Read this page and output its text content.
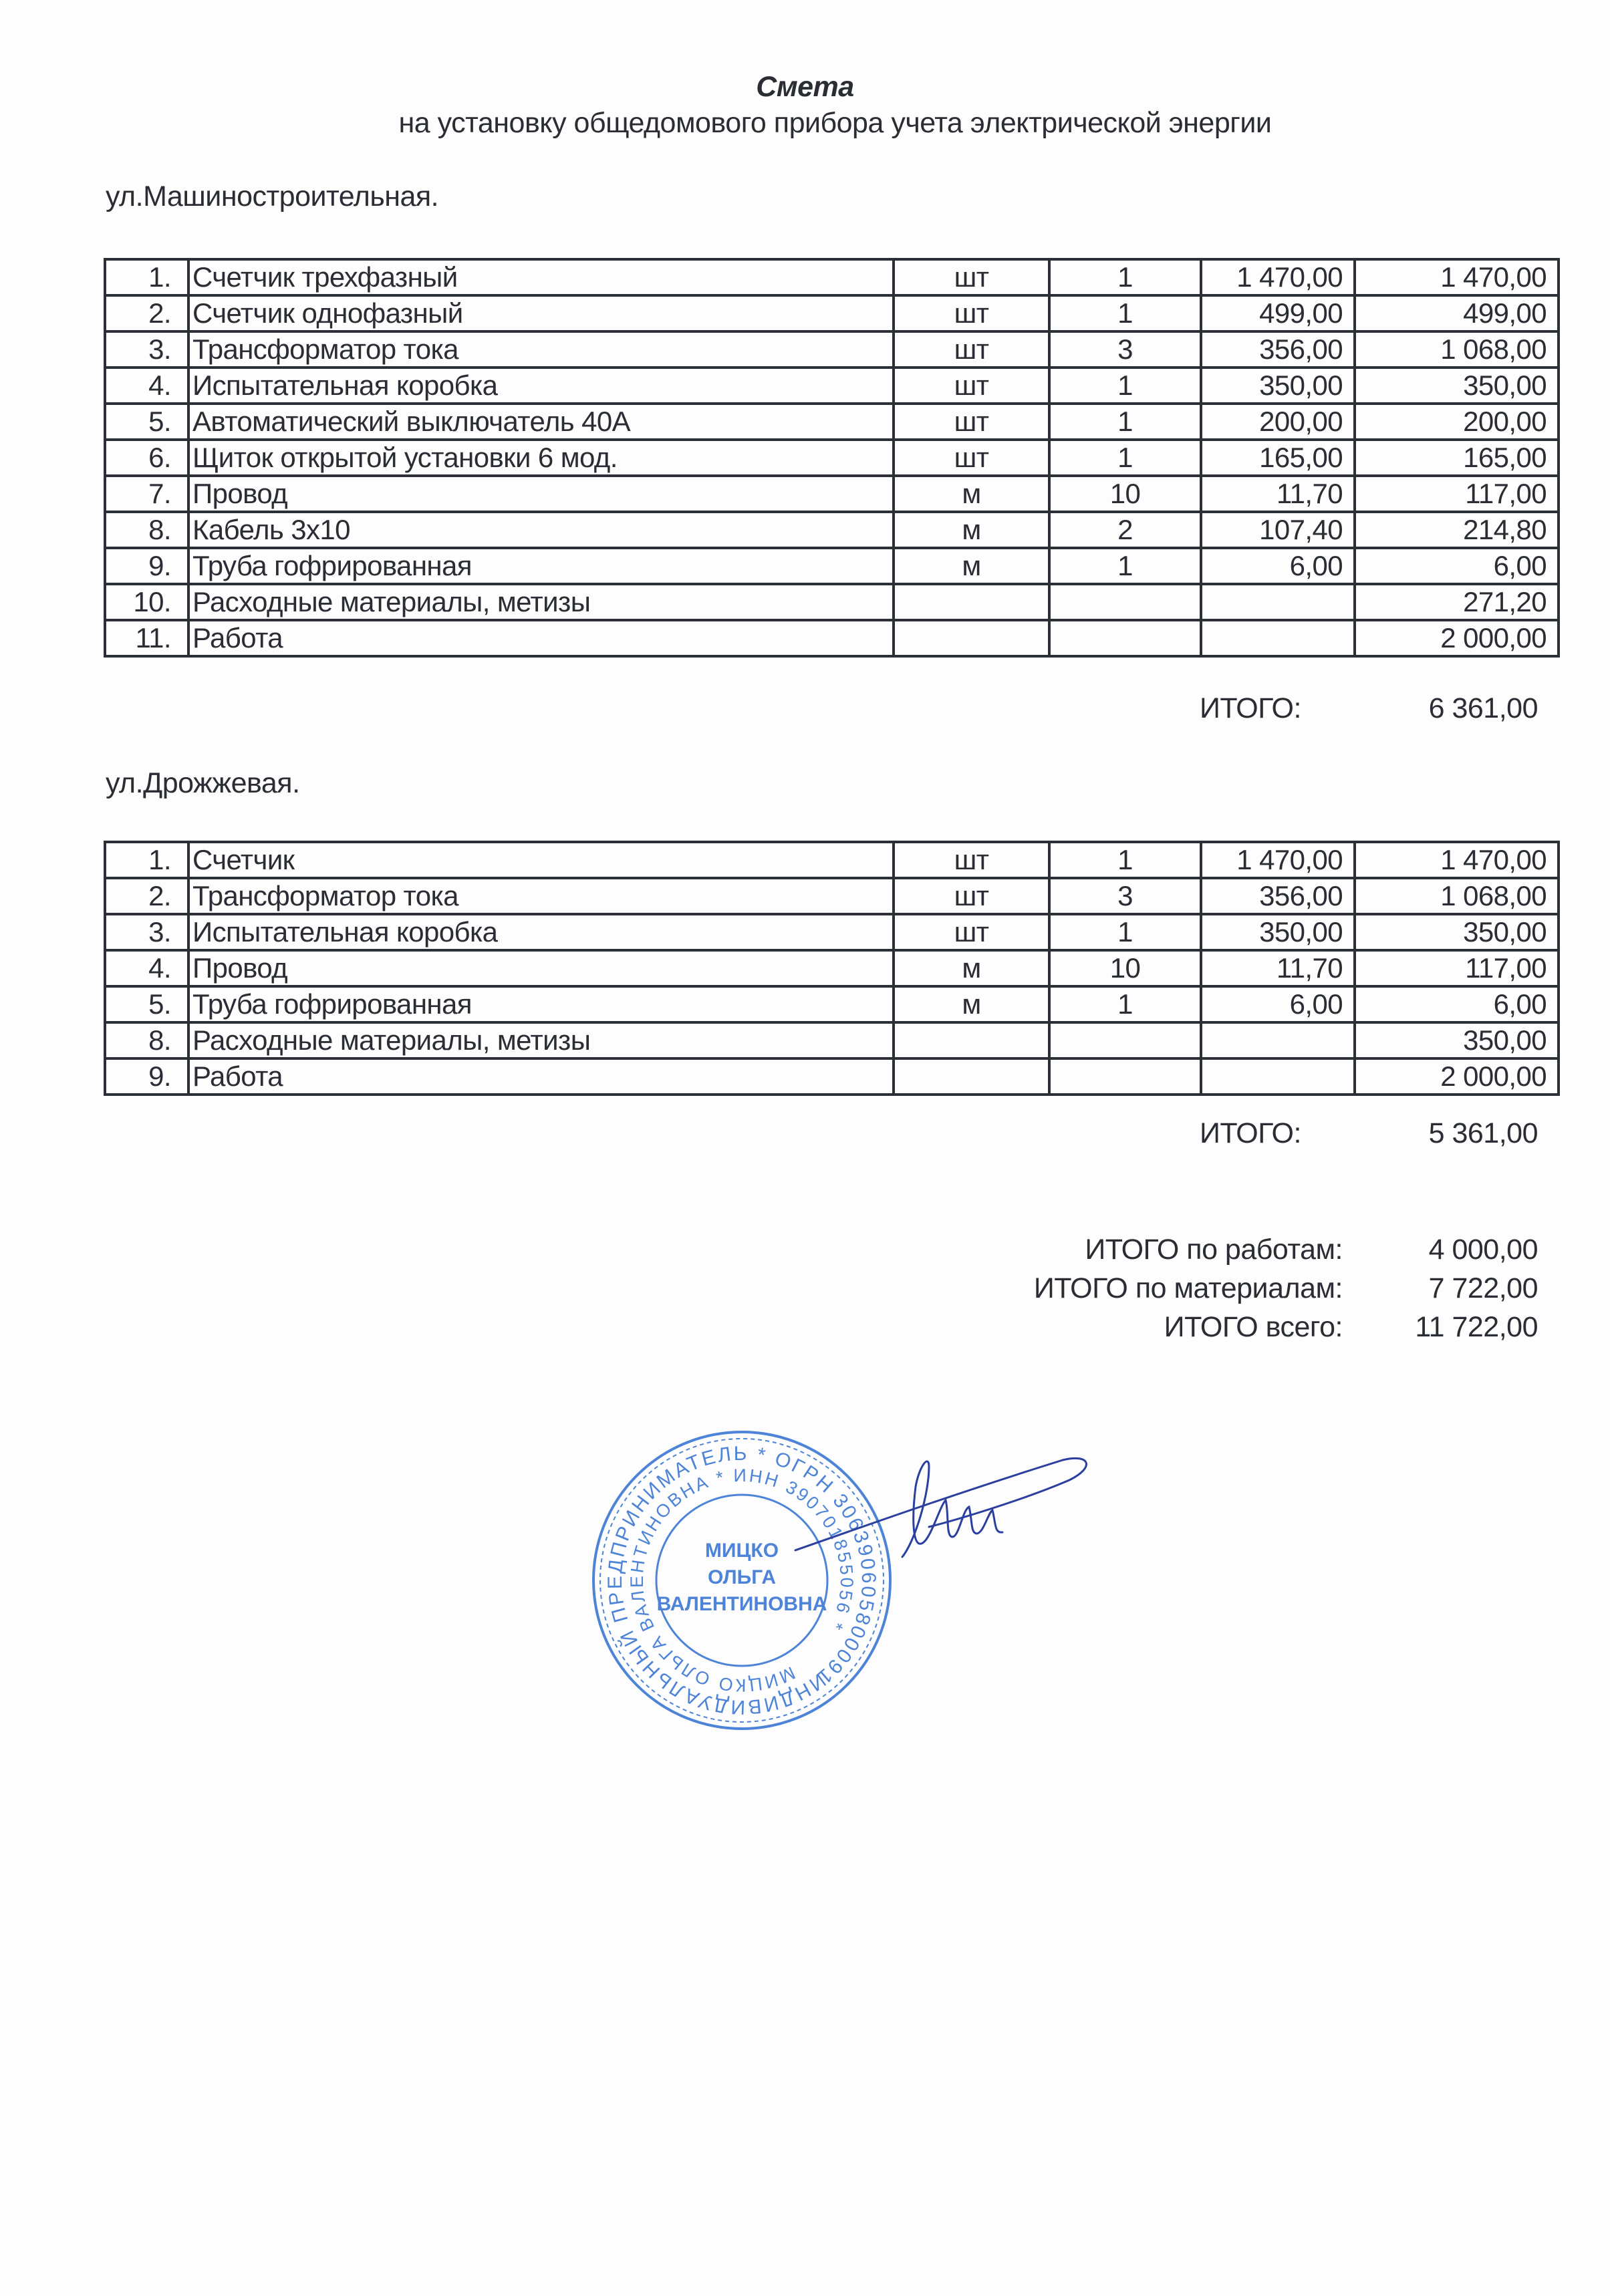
Смета
на установку общедомового прибора учета электрической энергии
ул.Машиностроительная.
1.	Счетчик трехфазный	шт	1	1 470,00	1 470,00
2.	Счетчик однофазный	шт	1	499,00	499,00
3.	Трансформатор тока	шт	3	356,00	1 068,00
4.	Испытательная коробка	шт	1	350,00	350,00
5.	Автоматический выключатель 40А	шт	1	200,00	200,00
6.	Щиток открытой установки 6 мод.	шт	1	165,00	165,00
7.	Провод	м	10	11,70	117,00
8.	Кабель 3х10	м	2	107,40	214,80
9.	Труба гофрированная	м	1	6,00	6,00
10.	Расходные материалы, метизы				271,20
11.	Работа				2 000,00
ИТОГО:	6 361,00
ул.Дрожжевая.
1.	Счетчик	шт	1	1 470,00	1 470,00
2.	Трансформатор тока	шт	3	356,00	1 068,00
3.	Испытательная коробка	шт	1	350,00	350,00
4.	Провод	м	10	11,70	117,00
5.	Труба гофрированная	м	1	6,00	6,00
8.	Расходные материалы, метизы				350,00
9.	Работа				2 000,00
ИТОГО:	5 361,00
ИТОГО по работам:	4 000,00
ИТОГО по материалам:	7 722,00
ИТОГО всего:	11 722,00
ИНДИВИДУАЛЬНЫЙ ПРЕДПРИНИМАТЕЛЬ * ОГРН 306390605800091
МИЦКО ОЛЬГА ВАЛЕНТИНОВНА * ИНН 390701855056 *
МИЦКО
ОЛЬГА
ВАЛЕНТИНОВНА
